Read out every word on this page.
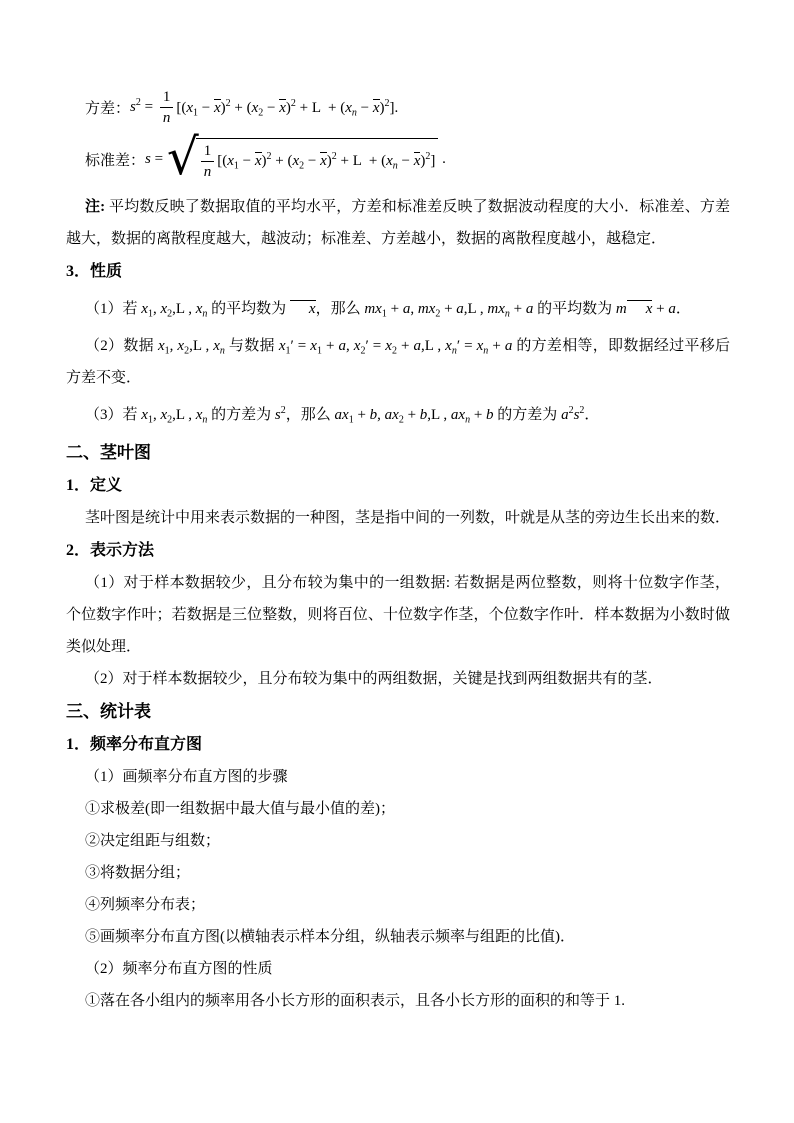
方差： $s^2 = \frac{1}{n} [(x_1 - x)^2 + (x_2 - x)^2 + L + (x_n - x)^2]$.

标准差： s = √ $\frac{1}{n} [(x_1 - x)^2 + (x_2 - x)^2 + L + (x_n - x)^2]$ .

注: 平均数反映了数据取值的平均水平，方差和标准差反映了数据波动程度的大小．标准差、方差越大，数据的离散程度越大，越波动；标准差、方差越小，数据的离散程度越小，越稳定．

3．性质

（1）若 $x_1$, $x_2,L$ , $x_n$ 的平均数为 x，那么 $mx_1 + a$, $mx_2 + a,L$ , $mx_n + a$ 的平均数为 m x + a．

（2）数据 $x_1$, $x_2,L$ , $x_n$ 与数据 $x_1' = x_1 + a$, $x_2' = x_2 + a,L$ , $x_n' = x_n + a$ 的方差相等，即数据经过平移后方差不变．

（3）若 $x_1$, $x_2,L$ , $x_n$ 的方差为 $s^2$，那么 $ax_1 + b$, $ax_2 + b,L$ , $ax_n + b$ 的方差为 $a^2s^2$．

二、茎叶图
1．定义

茎叶图是统计中用来表示数据的一种图，茎是指中间的一列数，叶就是从茎的旁边生长出来的数．

2．表示方法

（1）对于样本数据较少，且分布较为集中的一组数据: 若数据是两位整数，则将十位数字作茎，个位数字作叶；若数据是三位整数，则将百位、十位数字作茎，个位数字作叶．样本数据为小数时做类似处理．

（2）对于样本数据较少，且分布较为集中的两组数据，关键是找到两组数据共有的茎．

三、统计表
1．频率分布直方图

（1）画频率分布直方图的步骤

①求极差(即一组数据中最大值与最小值的差)；

②决定组距与组数；

③将数据分组；

④列频率分布表；

⑤画频率分布直方图(以横轴表示样本分组，纵轴表示频率与组距的比值)．

（2）频率分布直方图的性质

①落在各小组内的频率用各小长方形的面积表示，且各小长方形的面积的和等于 1.
